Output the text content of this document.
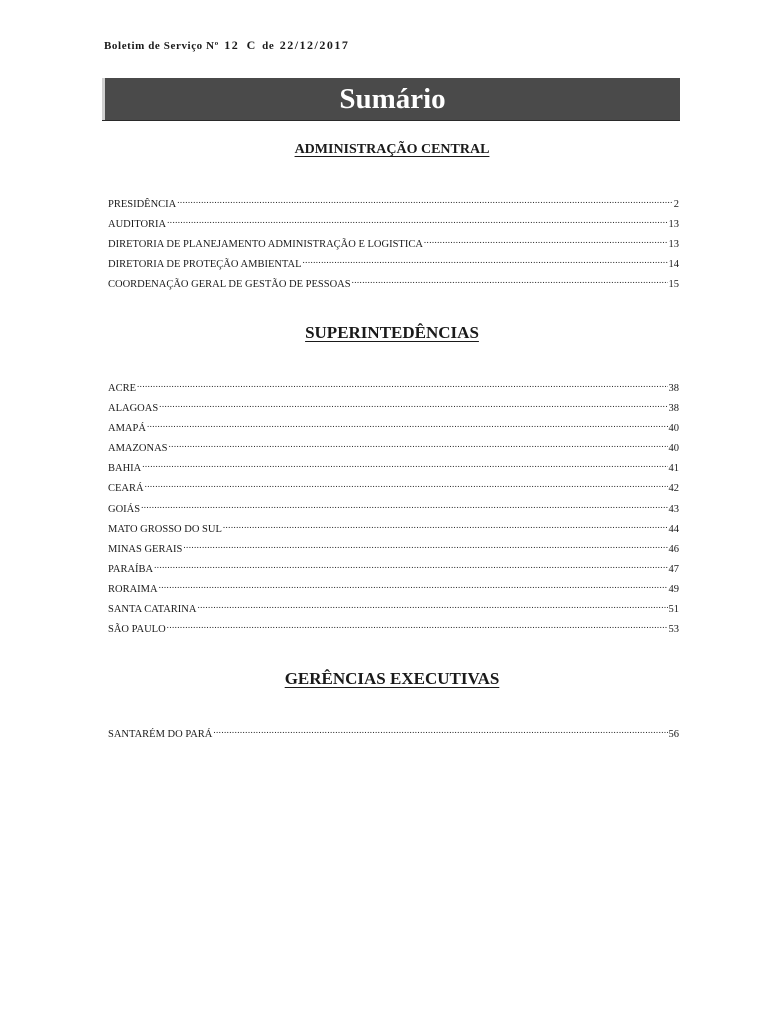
Boletim de Serviço Nº 12 C de 22/12/2017
Sumário
ADMINISTRAÇÃO CENTRAL
PRESIDÊNCIA .....	2
AUDITORIA .....	13
DIRETORIA DE PLANEJAMENTO ADMINISTRAÇÃO E LOGISTICA .....	13
DIRETORIA DE PROTEÇÃO AMBIENTAL .....	14
COORDENAÇÃO GERAL DE GESTÃO DE PESSOAS .....	15
SUPERINTEDÊNCIAS
ACRE .....	38
ALAGOAS .....	38
AMAPÁ .....	40
AMAZONAS .....	40
BAHIA .....	41
CEARÁ .....	42
GOIÁS .....	43
MATO GROSSO DO SUL .....	44
MINAS GERAIS .....	46
PARAÍBA .....	47
RORAIMA .....	49
SANTA CATARINA .....	51
SÃO PAULO .....	53
GERÊNCIAS EXECUTIVAS
SANTARÉM DO PARÁ .....	56
